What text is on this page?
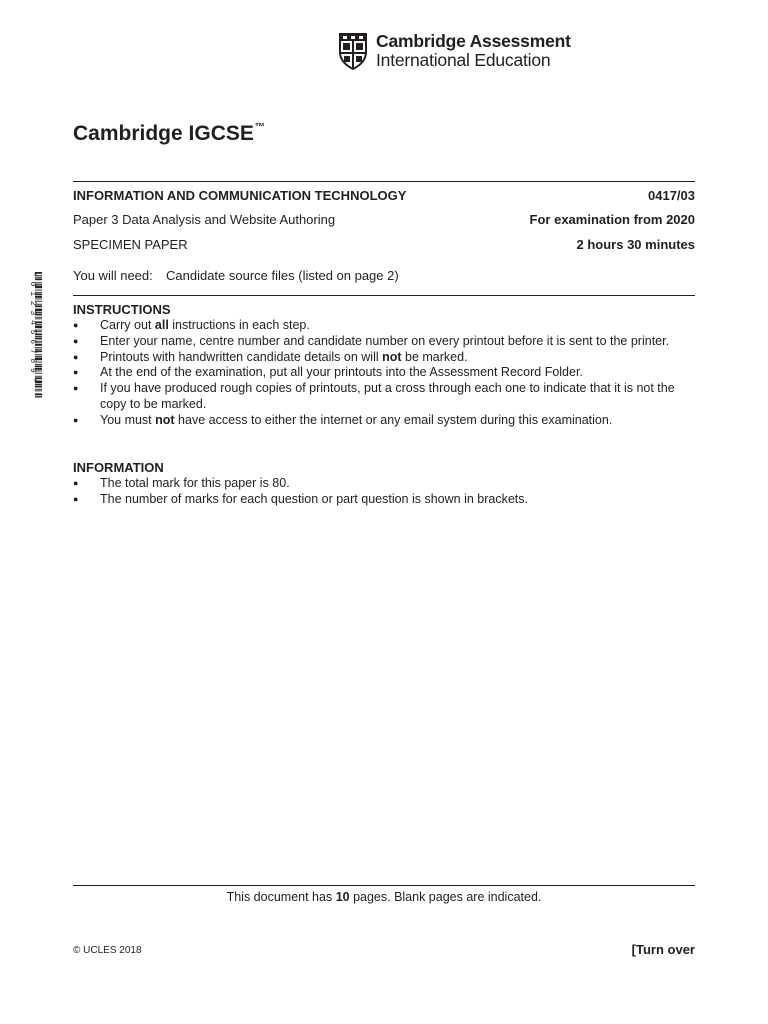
Cambridge Assessment
International Education
Cambridge IGCSE™
INFORMATION AND COMMUNICATION TECHNOLOGY	0417/03
Paper 3 Data Analysis and Website Authoring	For examination from 2020
SPECIMEN PAPER	2 hours 30 minutes
You will need: Candidate source files (listed on page 2)
* 0 1 2 3 4 5 6 7 8 9 *	INSTRUCTIONS
● Carry out all instructions in each step.
● Enter your name, centre number and candidate number on every printout before it is sent to the printer.
● Printouts with handwritten candidate details on will not be marked.
● At the end of the examination, put all your printouts into the Assessment Record Folder.
● If you have produced rough copies of printouts, put a cross through each one to indicate that it is not the copy to be marked.
● You must not have access to either the internet or any email system during this examination.
INFORMATION
● The total mark for this paper is 80.
● The number of marks for each question or part question is shown in brackets.
This document has 10 pages. Blank pages are indicated.
© UCLES 2018	[Turn over
